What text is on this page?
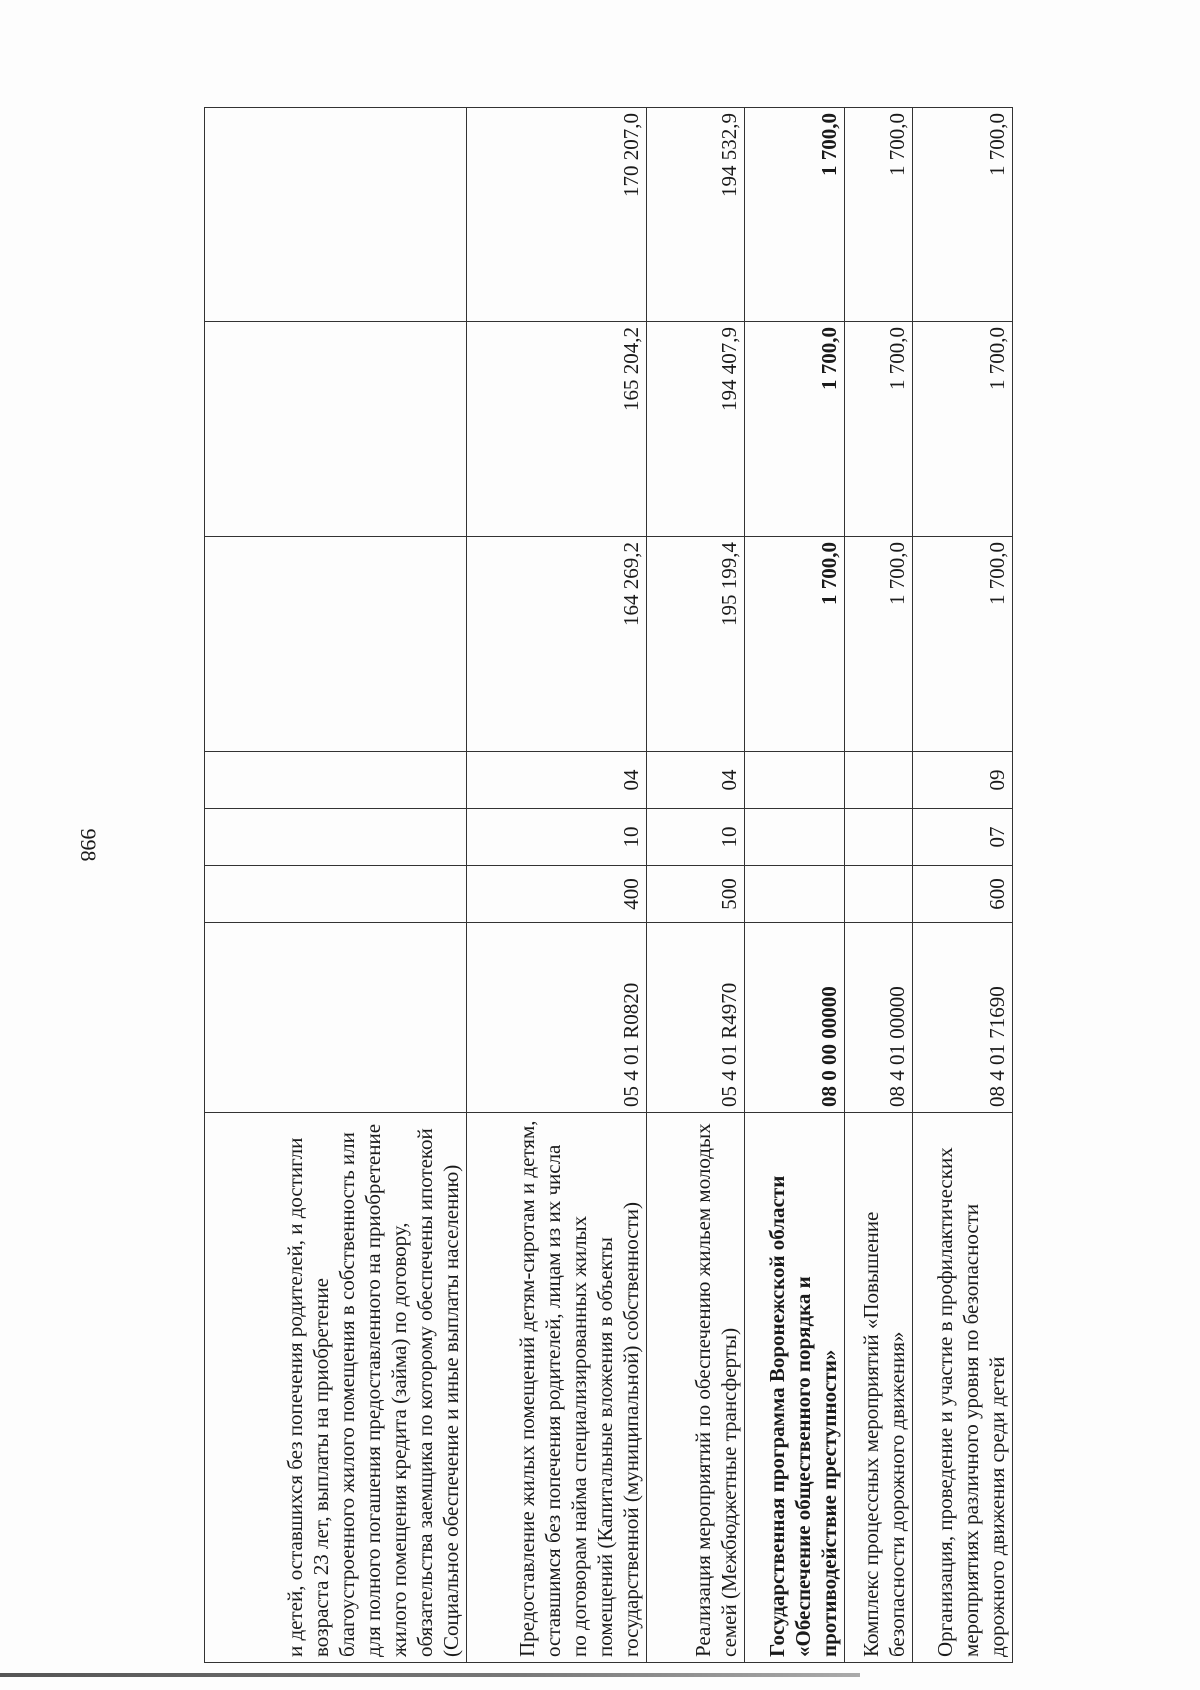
998
и детей, оставшихся без попечения родителей, и достигли возраста 23 лет, выплаты на приобретение благоустроенного жилого помещения в собственность или для полного погашения предоставленного на приобретение жилого помещения кредита (займа) по договору, обязательства заемщика по которому обеспечены ипотекой (Социальное обеспечение и иные выплаты населению)							
Предоставление жилых помещений детям-сиротам и детям, оставшимся без попечения родителей, лицам из их числа по договорам найма специализированных жилых помещений (Капитальные вложения в объекты государственной (муниципальной) собственности)	05 4 01 R0820	400	10	04	164 269,2	165 204,2	170 207,0
Реализация мероприятий по обеспечению жильем молодых семей (Межбюджетные трансферты)	05 4 01 R4970	500	10	04	195 199,4	194 407,9	194 532,9
Государственная программа Воронежской области «Обеспечение общественного порядка и противодействие преступности»	08 0 00 00000				1 700,0	1 700,0	1 700,0
Комплекс процессных мероприятий «Повышение безопасности дорожного движения»	08 4 01 00000				1 700,0	1 700,0	1 700,0
Организация, проведение и участие в профилактических мероприятиях различного уровня по безопасности дорожного движения среди детей	08 4 01 71690	600	07	09	1 700,0	1 700,0	1 700,0
